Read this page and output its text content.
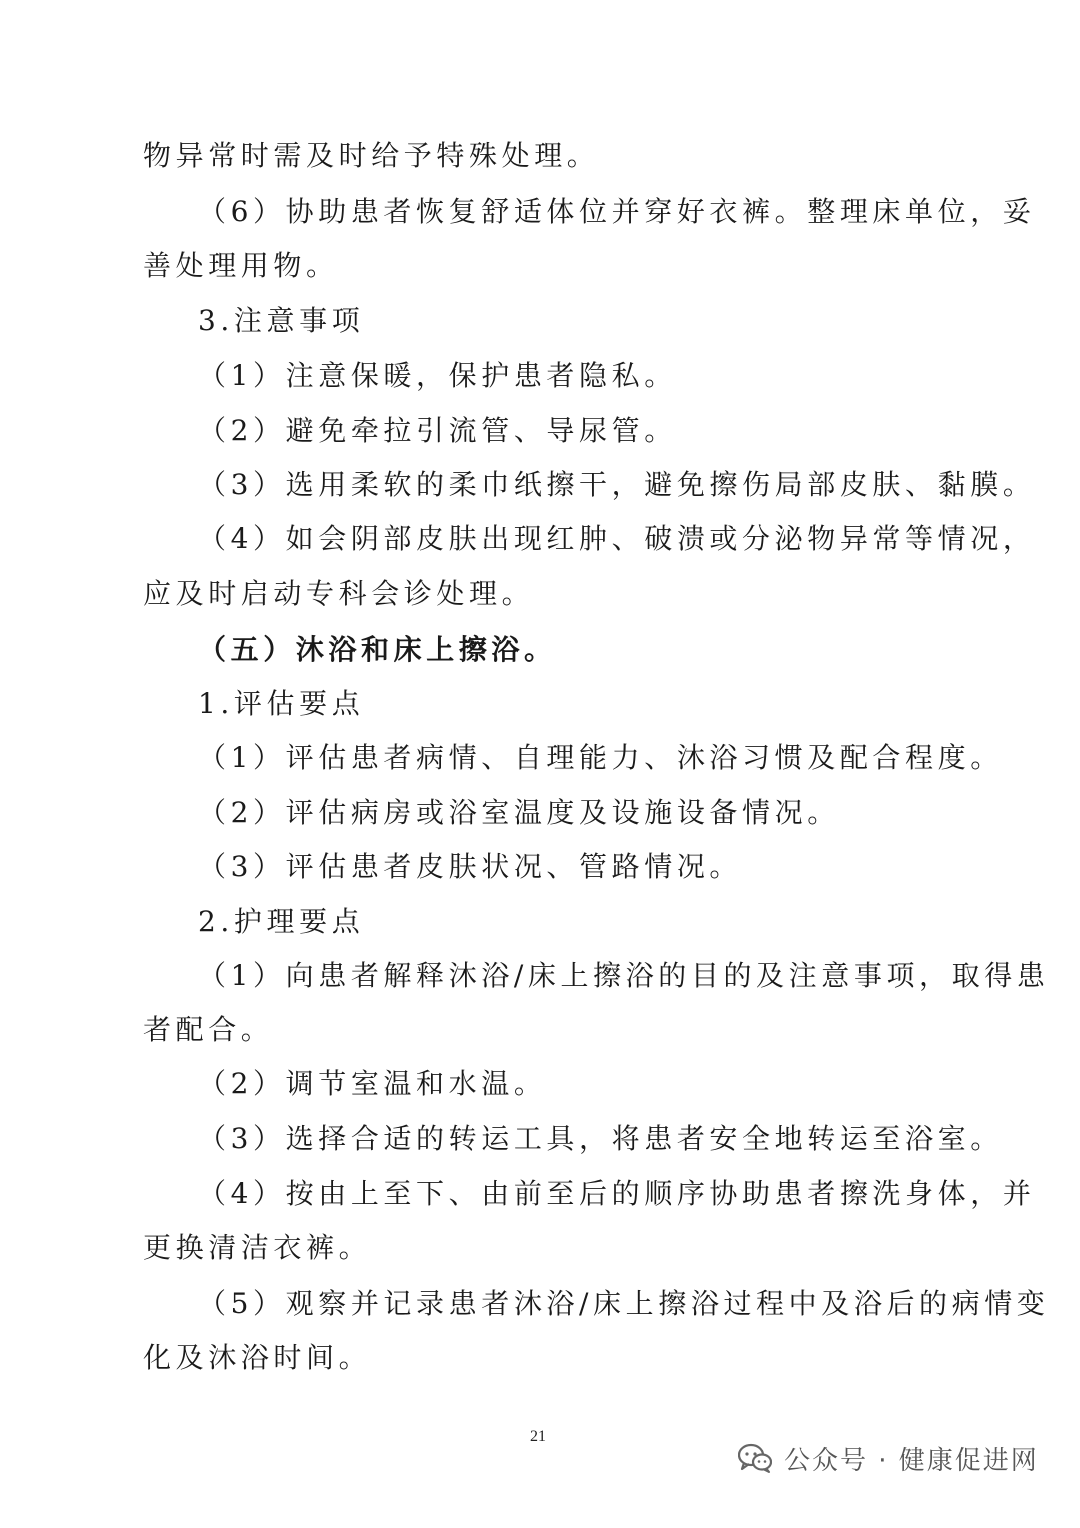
物异常时需及时给予特殊处理。
（6）协助患者恢复舒适体位并穿好衣裤。整理床单位，妥
善处理用物。
3.注意事项
（1）注意保暖，保护患者隐私。
（2）避免牵拉引流管、导尿管。
（3）选用柔软的柔巾纸擦干，避免擦伤局部皮肤、黏膜。
（4）如会阴部皮肤出现红肿、破溃或分泌物异常等情况，
应及时启动专科会诊处理。
（五）沐浴和床上擦浴。
1.评估要点
（1）评估患者病情、自理能力、沐浴习惯及配合程度。
（2）评估病房或浴室温度及设施设备情况。
（3）评估患者皮肤状况、管路情况。
2.护理要点
（1）向患者解释沐浴/床上擦浴的目的及注意事项，取得患
者配合。
（2）调节室温和水温。
（3）选择合适的转运工具，将患者安全地转运至浴室。
（4）按由上至下、由前至后的顺序协助患者擦洗身体，并
更换清洁衣裤。
（5）观察并记录患者沐浴/床上擦浴过程中及浴后的病情变
化及沐浴时间。
21
公众号 · 健康促进网
